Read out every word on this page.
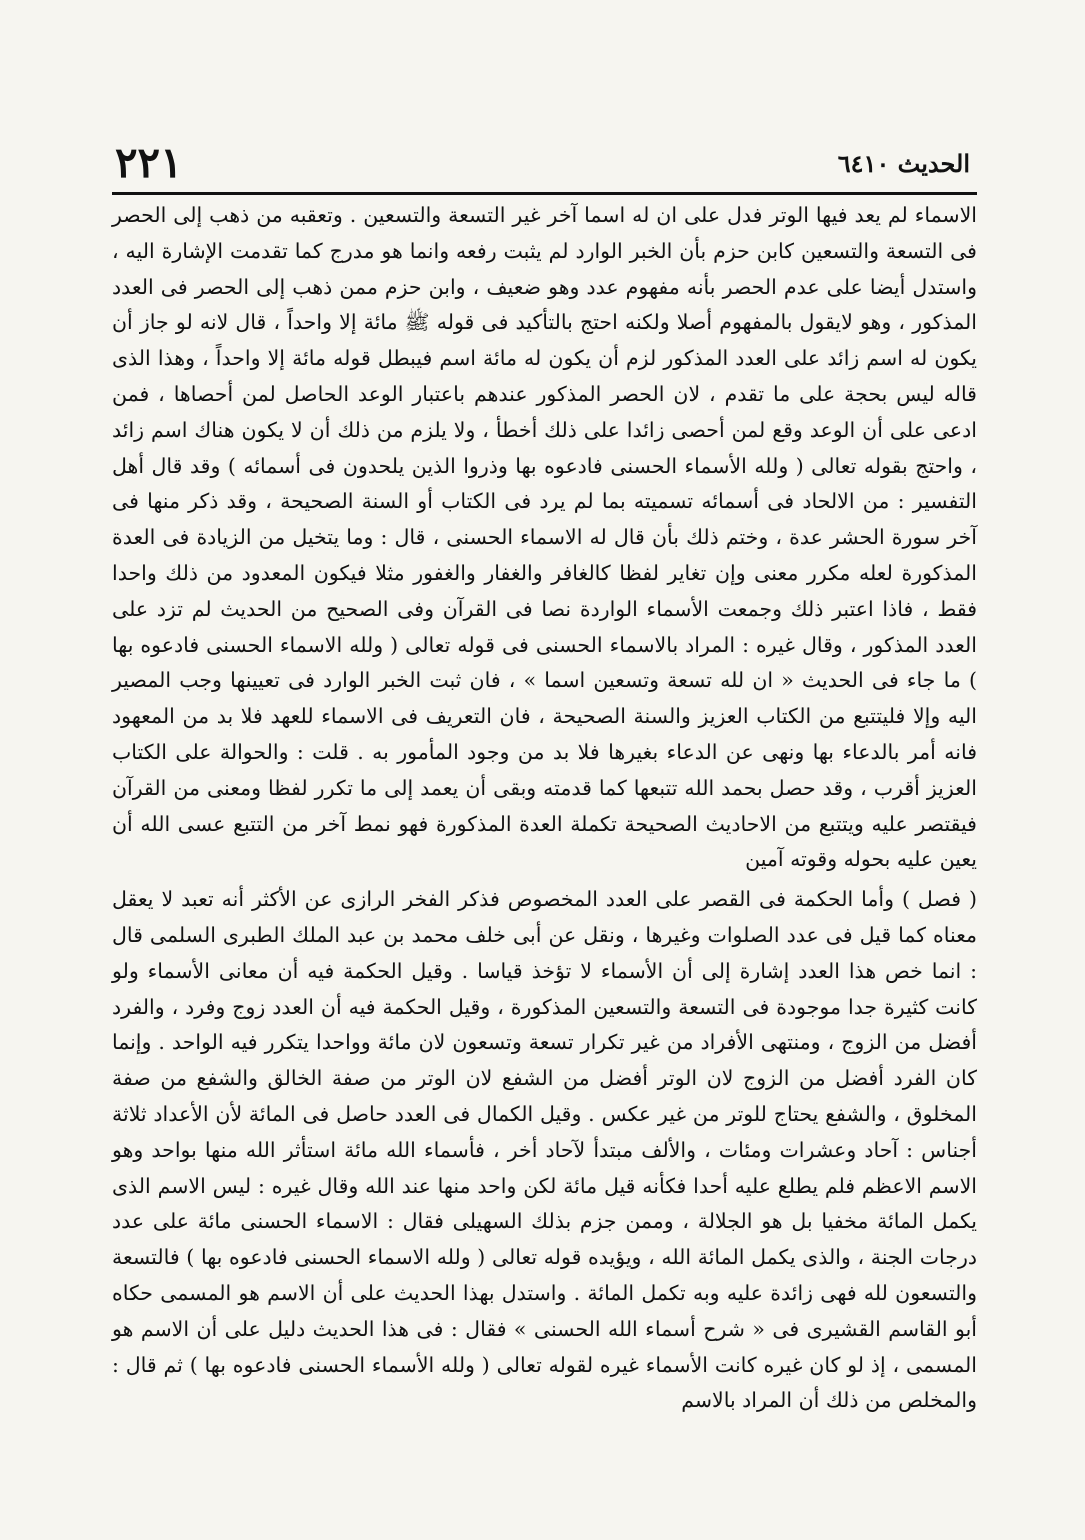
٢٢١	الحديث ٦٤١٠

الاسماء لم يعد فيها الوتر فدل على ان له اسما آخر غير التسعة والتسعين . وتعقبه من ذهب إلى الحصر فى التسعة والتسعين كابن حزم بأن الخبر الوارد لم يثبت رفعه وانما هو مدرج كما تقدمت الإشارة اليه ، واستدل أيضا على عدم الحصر بأنه مفهوم عدد وهو ضعيف ، وابن حزم ممن ذهب إلى الحصر فى العدد المذكور ، وهو لايقول بالمفهوم أصلا ولكنه احتج بالتأكيد فى قوله ﷺ مائة إلا واحداً ، قال لانه لو جاز أن يكون له اسم زائد على العدد المذكور لزم أن يكون له مائة اسم فيبطل قوله مائة إلا واحداً ، وهذا الذى قاله ليس بحجة على ما تقدم ، لان الحصر المذكور عندهم باعتبار الوعد الحاصل لمن أحصاها ، فمن ادعى على أن الوعد وقع لمن أحصى زائدا على ذلك أخطأ ، ولا يلزم من ذلك أن لا يكون هناك اسم زائد ، واحتج بقوله تعالى ( ولله الأسماء الحسنى فادعوه بها وذروا الذين يلحدون فى أسمائه ) وقد قال أهل التفسير : من الالحاد فى أسمائه تسميته بما لم يرد فى الكتاب أو السنة الصحيحة ، وقد ذكر منها فى آخر سورة الحشر عدة ، وختم ذلك بأن قال له الاسماء الحسنى ، قال : وما يتخيل من الزيادة فى العدة المذكورة لعله مكرر معنى وإن تغاير لفظا كالغافر والغفار والغفور مثلا فيكون المعدود من ذلك واحدا فقط ، فاذا اعتبر ذلك وجمعت الأسماء الواردة نصا فى القرآن وفى الصحيح من الحديث لم تزد على العدد المذكور ، وقال غيره : المراد بالاسماء الحسنى فى قوله تعالى ( ولله الاسماء الحسنى فادعوه بها ) ما جاء فى الحديث « ان لله تسعة وتسعين اسما » ، فان ثبت الخبر الوارد فى تعيينها وجب المصير اليه وإلا فليتتبع من الكتاب العزيز والسنة الصحيحة ، فان التعريف فى الاسماء للعهد فلا بد من المعهود فانه أمر بالدعاء بها ونهى عن الدعاء بغيرها فلا بد من وجود المأمور به . قلت : والحوالة على الكتاب العزيز أقرب ، وقد حصل بحمد الله تتبعها كما قدمته وبقى أن يعمد إلى ما تكرر لفظا ومعنى من القرآن فيقتصر عليه ويتتبع من الاحاديث الصحيحة تكملة العدة المذكورة فهو نمط آخر من التتبع عسى الله أن يعين عليه بحوله وقوته آمين

( فصل ) وأما الحكمة فى القصر على العدد المخصوص فذكر الفخر الرازى عن الأكثر أنه تعبد لا يعقل معناه كما قيل فى عدد الصلوات وغيرها ، ونقل عن أبى خلف محمد بن عبد الملك الطبرى السلمى قال : انما خص هذا العدد إشارة إلى أن الأسماء لا تؤخذ قياسا . وقيل الحكمة فيه أن معانى الأسماء ولو كانت كثيرة جدا موجودة فى التسعة والتسعين المذكورة ، وقيل الحكمة فيه أن العدد زوج وفرد ، والفرد أفضل من الزوج ، ومنتهى الأفراد من غير تكرار تسعة وتسعون لان مائة وواحدا يتكرر فيه الواحد . وإنما كان الفرد أفضل من الزوج لان الوتر أفضل من الشفع لان الوتر من صفة الخالق والشفع من صفة المخلوق ، والشفع يحتاج للوتر من غير عكس . وقيل الكمال فى العدد حاصل فى المائة لأن الأعداد ثلاثة أجناس : آحاد وعشرات ومئات ، والألف مبتدأ لآحاد أخر ، فأسماء الله مائة استأثر الله منها بواحد وهو الاسم الاعظم فلم يطلع عليه أحدا فكأنه قيل مائة لكن واحد منها عند الله وقال غيره : ليس الاسم الذى يكمل المائة مخفيا بل هو الجلالة ، وممن جزم بذلك السهيلى فقال : الاسماء الحسنى مائة على عدد درجات الجنة ، والذى يكمل المائة الله ، ويؤيده قوله تعالى ( ولله الاسماء الحسنى فادعوه بها ) فالتسعة والتسعون لله فهى زائدة عليه وبه تكمل المائة . واستدل بهذا الحديث على أن الاسم هو المسمى حكاه أبو القاسم القشيرى فى « شرح أسماء الله الحسنى » فقال : فى هذا الحديث دليل على أن الاسم هو المسمى ، إذ لو كان غيره كانت الأسماء غيره لقوله تعالى ( ولله الأسماء الحسنى فادعوه بها ) ثم قال : والمخلص من ذلك أن المراد بالاسم
